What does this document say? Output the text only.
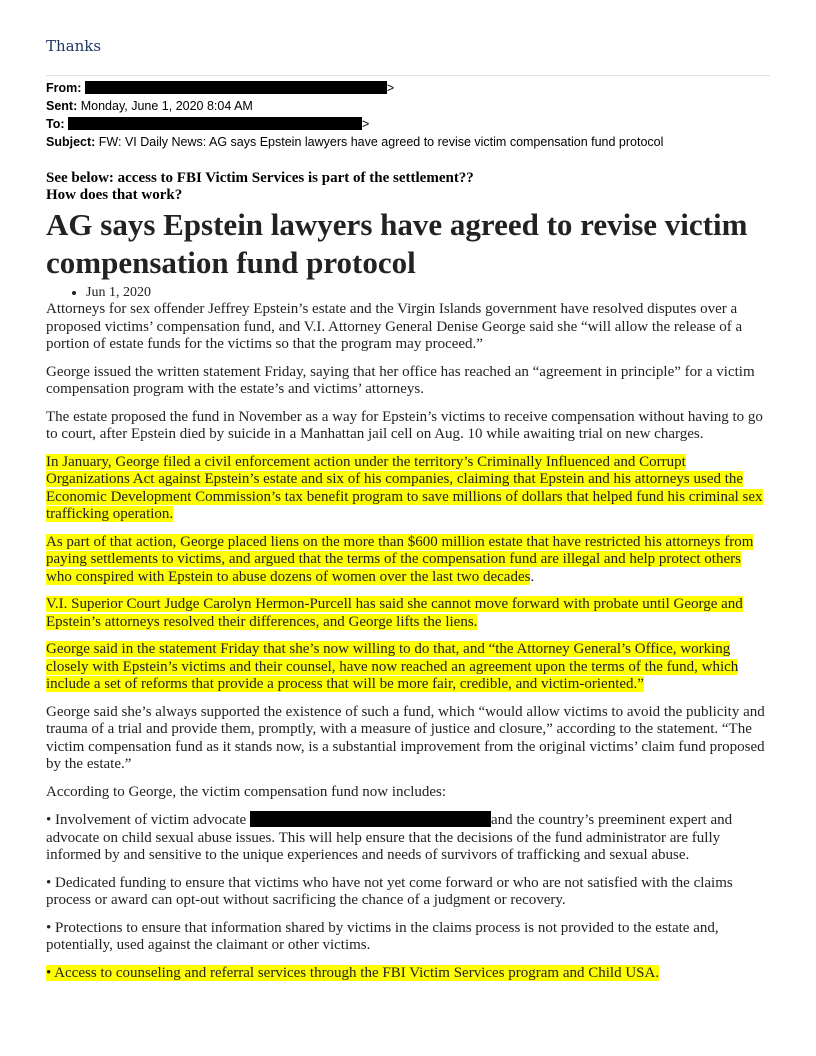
Thanks
From:	>
Sent: Monday, June 1, 2020 8:04 AM
To:	>
Subject: FW: VI Daily News: AG says Epstein lawyers have agreed to revise victim compensation fund protocol
See below: access to FBI Victim Services is part of the settlement??
How does that work?
AG says Epstein lawyers have agreed to revise victim compensation fund protocol
• Jun 1, 2020

Attorneys for sex offender Jeffrey Epstein’s estate and the Virgin Islands government have resolved disputes over a proposed victims’ compensation fund, and V.I. Attorney General Denise George said she “will allow the release of a portion of estate funds for the victims so that the program may proceed.”

George issued the written statement Friday, saying that her office has reached an “agreement in principle” for a victim compensation program with the estate’s and victims’ attorneys.

The estate proposed the fund in November as a way for Epstein’s victims to receive compensation without having to go to court, after Epstein died by suicide in a Manhattan jail cell on Aug. 10 while awaiting trial on new charges.

In January, George filed a civil enforcement action under the territory’s Criminally Influenced and Corrupt Organizations Act against Epstein’s estate and six of his companies, claiming that Epstein and his attorneys used the Economic Development Commission’s tax benefit program to save millions of dollars that helped fund his criminal sex trafficking operation.

As part of that action, George placed liens on the more than $600 million estate that have restricted his attorneys from paying settlements to victims, and argued that the terms of the compensation fund are illegal and help protect others who conspired with Epstein to abuse dozens of women over the last two decades.

V.I. Superior Court Judge Carolyn Hermon-Purcell has said she cannot move forward with probate until George and Epstein’s attorneys resolved their differences, and George lifts the liens.

George said in the statement Friday that she’s now willing to do that, and “the Attorney General’s Office, working closely with Epstein’s victims and their counsel, have now reached an agreement upon the terms of the fund, which include a set of reforms that provide a process that will be more fair, credible, and victim-oriented.”

George said she’s always supported the existence of such a fund, which “would allow victims to avoid the publicity and trauma of a trial and provide them, promptly, with a measure of justice and closure,” according to the statement. “The victim compensation fund as it stands now, is a substantial improvement from the original victims’ claim fund proposed by the estate.”

According to George, the victim compensation fund now includes:

• Involvement of victim advocate	and the country’s preeminent expert and advocate on child sexual abuse issues. This will help ensure that the decisions of the fund administrator are fully informed by and sensitive to the unique experiences and needs of survivors of trafficking and sexual abuse.

• Dedicated funding to ensure that victims who have not yet come forward or who are not satisfied with the claims process or award can opt-out without sacrificing the chance of a judgment or recovery.

• Protections to ensure that information shared by victims in the claims process is not provided to the estate and, potentially, used against the claimant or other victims.

• Access to counseling and referral services through the FBI Victim Services program and Child USA.
